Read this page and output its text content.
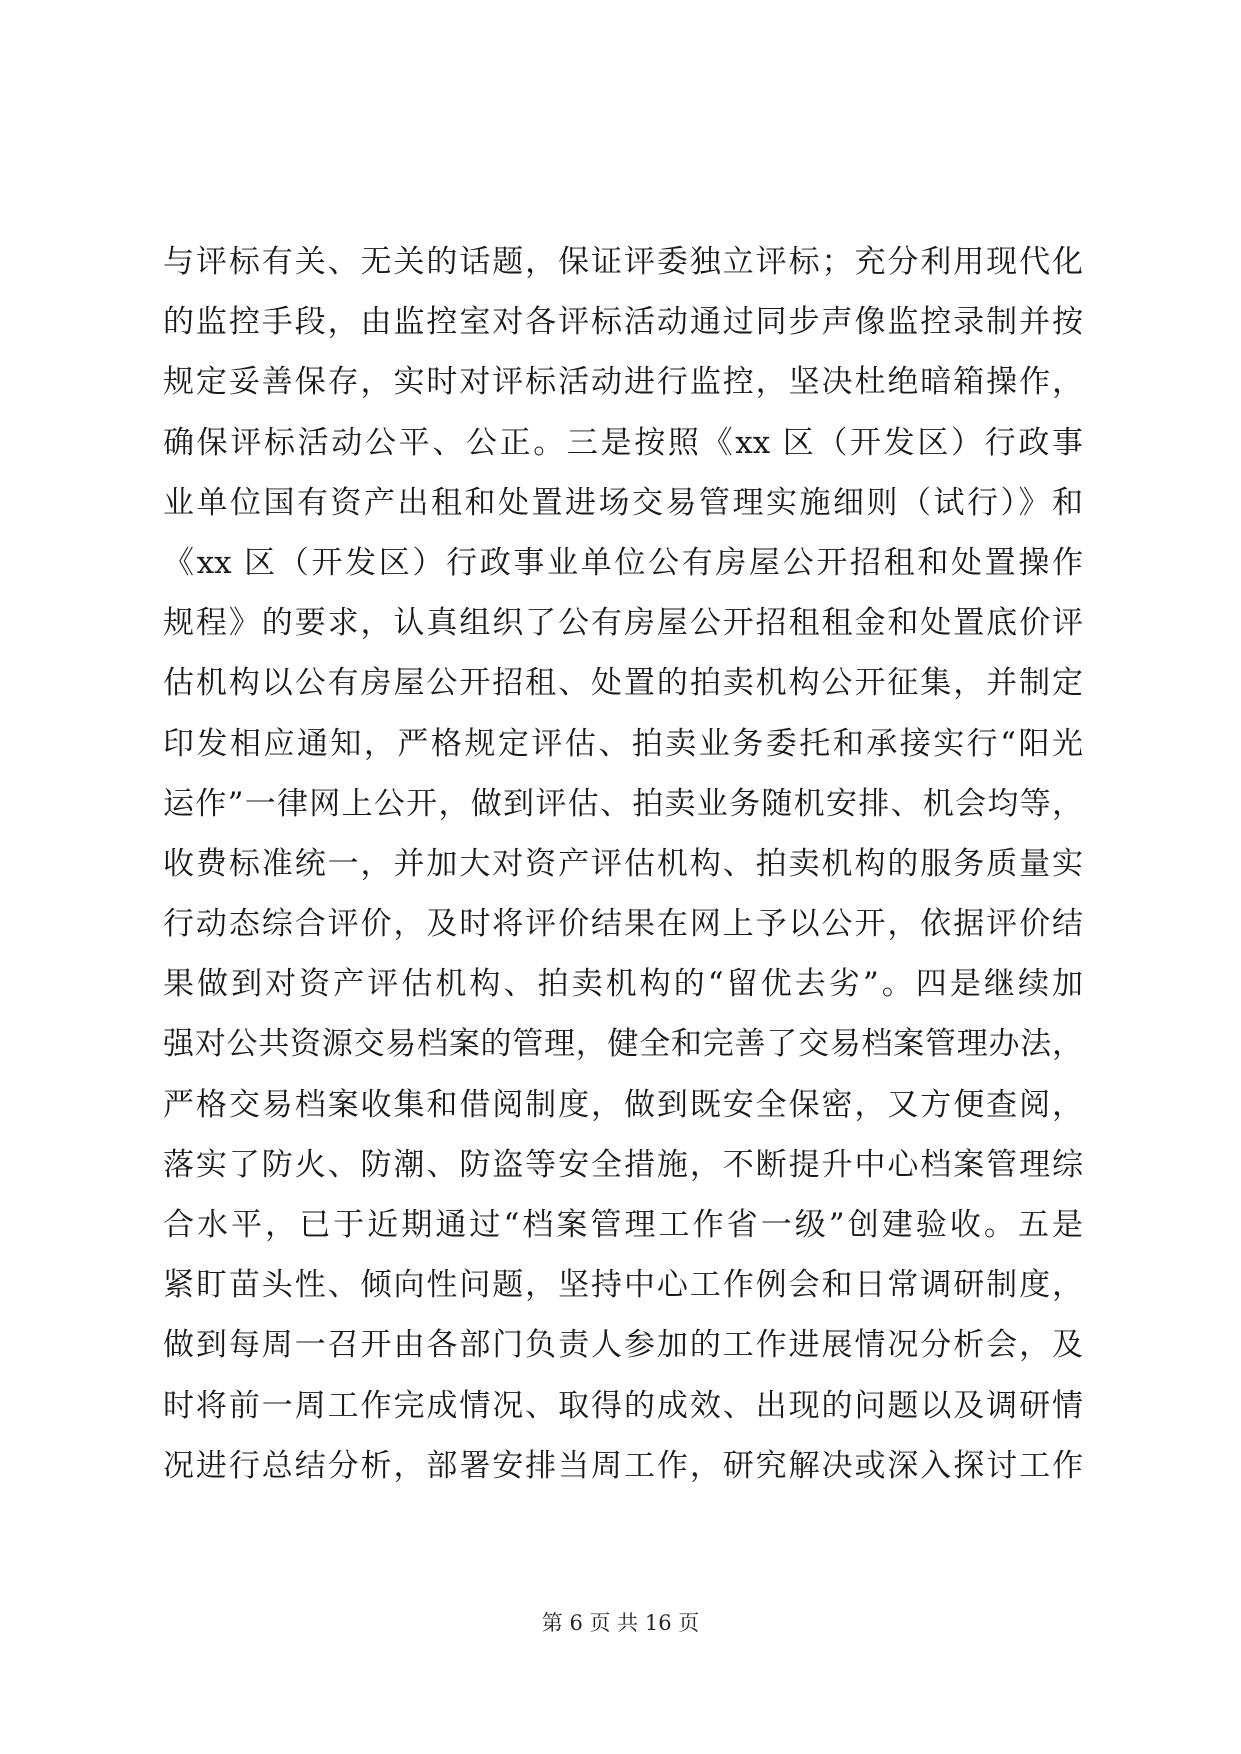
与评标有关、无关的话题，保证评委独立评标；充分利用现代化
的监控手段，由监控室对各评标活动通过同步声像监控录制并按
规定妥善保存，实时对评标活动进行监控，坚决杜绝暗箱操作，
确保评标活动公平、公正。三是按照《xx 区（开发区）行政事
业单位国有资产出租和处置进场交易管理实施细则（试行）》和
《xx 区（开发区）行政事业单位公有房屋公开招租和处置操作
规程》的要求，认真组织了公有房屋公开招租租金和处置底价评
估机构以公有房屋公开招租、处置的拍卖机构公开征集，并制定
印发相应通知，严格规定评估、拍卖业务委托和承接实行“阳光
运作”一律网上公开，做到评估、拍卖业务随机安排、机会均等，
收费标准统一，并加大对资产评估机构、拍卖机构的服务质量实
行动态综合评价，及时将评价结果在网上予以公开，依据评价结
果做到对资产评估机构、拍卖机构的“留优去劣”。四是继续加
强对公共资源交易档案的管理，健全和完善了交易档案管理办法，
严格交易档案收集和借阅制度，做到既安全保密，又方便查阅，
落实了防火、防潮、防盗等安全措施，不断提升中心档案管理综
合水平，已于近期通过“档案管理工作省一级”创建验收。五是
紧盯苗头性、倾向性问题，坚持中心工作例会和日常调研制度，
做到每周一召开由各部门负责人参加的工作进展情况分析会，及
时将前一周工作完成情况、取得的成效、出现的问题以及调研情
况进行总结分析，部署安排当周工作，研究解决或深入探讨工作
第 6 页 共 16 页
